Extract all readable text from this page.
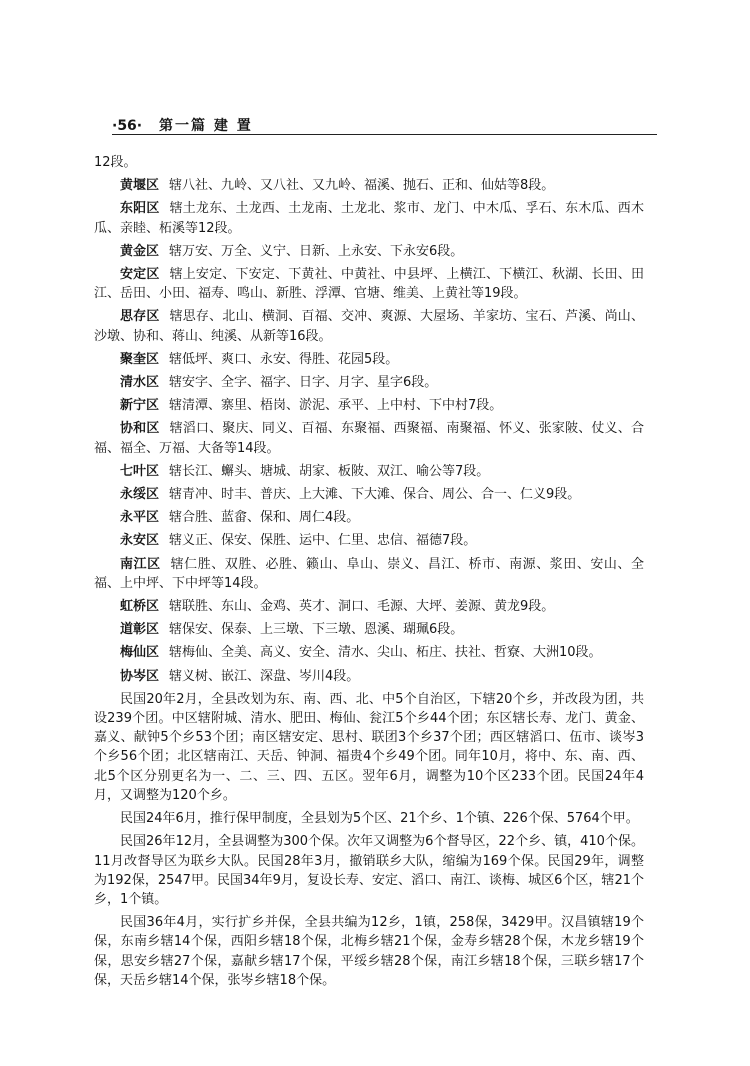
·56· 第一篇 建 置

12段。

黄堰区 辖八社、九岭、又八社、又九岭、福溪、抛石、正和、仙姑等8段。

东阳区 辖土龙东、土龙西、土龙南、土龙北、浆市、龙门、中木瓜、孚石、东木瓜、西木瓜、亲睦、柘溪等12段。

黄金区 辖万安、万全、义宁、日新、上永安、下永安6段。

安定区 辖上安定、下安定、下黄社、中黄社、中县坪、上横江、下横江、秋湖、长田、田江、岳田、小田、福寿、鸣山、新胜、浮潭、官塘、维美、上黄社等19段。

思存区 辖思存、北山、横洞、百福、交冲、爽源、大屋场、羊家坊、宝石、芦溪、尚山、沙墩、协和、蒋山、纯溪、从新等16段。

聚奎区 辖低坪、爽口、永安、得胜、花园5段。

清水区 辖安字、全字、福字、日字、月字、星字6段。

新宁区 辖清潭、寨里、梧岗、淤泥、承平、上中村、下中村7段。

协和区 辖滔口、聚庆、同义、百福、东聚福、西聚福、南聚福、怀义、张家陂、仗义、合福、福全、万福、大备等14段。

七叶区 辖长江、蠏头、塘城、胡家、板陂、双江、喻公等7段。

永绥区 辖青冲、时丰、普庆、上大滩、下大滩、保合、周公、合一、仁义9段。

永平区 辖合胜、蓝畲、保和、周仁4段。

永安区 辖义正、保安、保胜、运中、仁里、忠信、福德7段。

南江区 辖仁胜、双胜、必胜、籁山、阜山、崇义、昌江、桥市、南源、浆田、安山、全福、上中坪、下中坪等14段。

虹桥区 辖联胜、东山、金鸡、英才、洞口、毛源、大坪、姜源、黄龙9段。

道彰区 辖保安、保泰、上三墩、下三墩、恩溪、瑚珮6段。

梅仙区 辖梅仙、全美、高义、安全、清水、尖山、柘庄、扶社、哲寮、大洲10段。

协岑区 辖义树、嵌江、深盘、岑川4段。

民国20年2月，全县改划为东、南、西、北、中5个自治区，下辖20个乡，并改段为团，共设239个团。中区辖附城、清水、肥田、梅仙、瓮江5个乡44个团；东区辖长寿、龙门、黄金、嘉义、献钟5个乡53个团；南区辖安定、思村、联团3个乡37个团；西区辖滔口、伍市、谈岑3个乡56个团；北区辖南江、天岳、钟洞、福贵4个乡49个团。同年10月，将中、东、南、西、北5个区分别更名为一、二、三、四、五区。翌年6月，调整为10个区233个团。民国24年4月，又调整为120个乡。

民国24年6月，推行保甲制度，全县划为5个区、21个乡、1个镇、226个保、5764个甲。

民国26年12月，全县调整为300个保。次年又调整为6个督导区，22个乡、镇，410个保。11月改督导区为联乡大队。民国28年3月，撤销联乡大队，缩编为169个保。民国29年，调整为192保，2547甲。民国34年9月，复设长寿、安定、滔口、南江、谈梅、城区6个区，辖21个乡，1个镇。

民国36年4月，实行扩乡并保，全县共编为12乡，1镇，258保，3429甲。汉昌镇辖19个保，东南乡辖14个保，西阳乡辖18个保，北梅乡辖21个保，金寿乡辖28个保，木龙乡辖19个保，思安乡辖27个保，嘉献乡辖17个保，平绥乡辖28个保，南江乡辖18个保，三联乡辖17个保，天岳乡辖14个保，张岑乡辖18个保。
